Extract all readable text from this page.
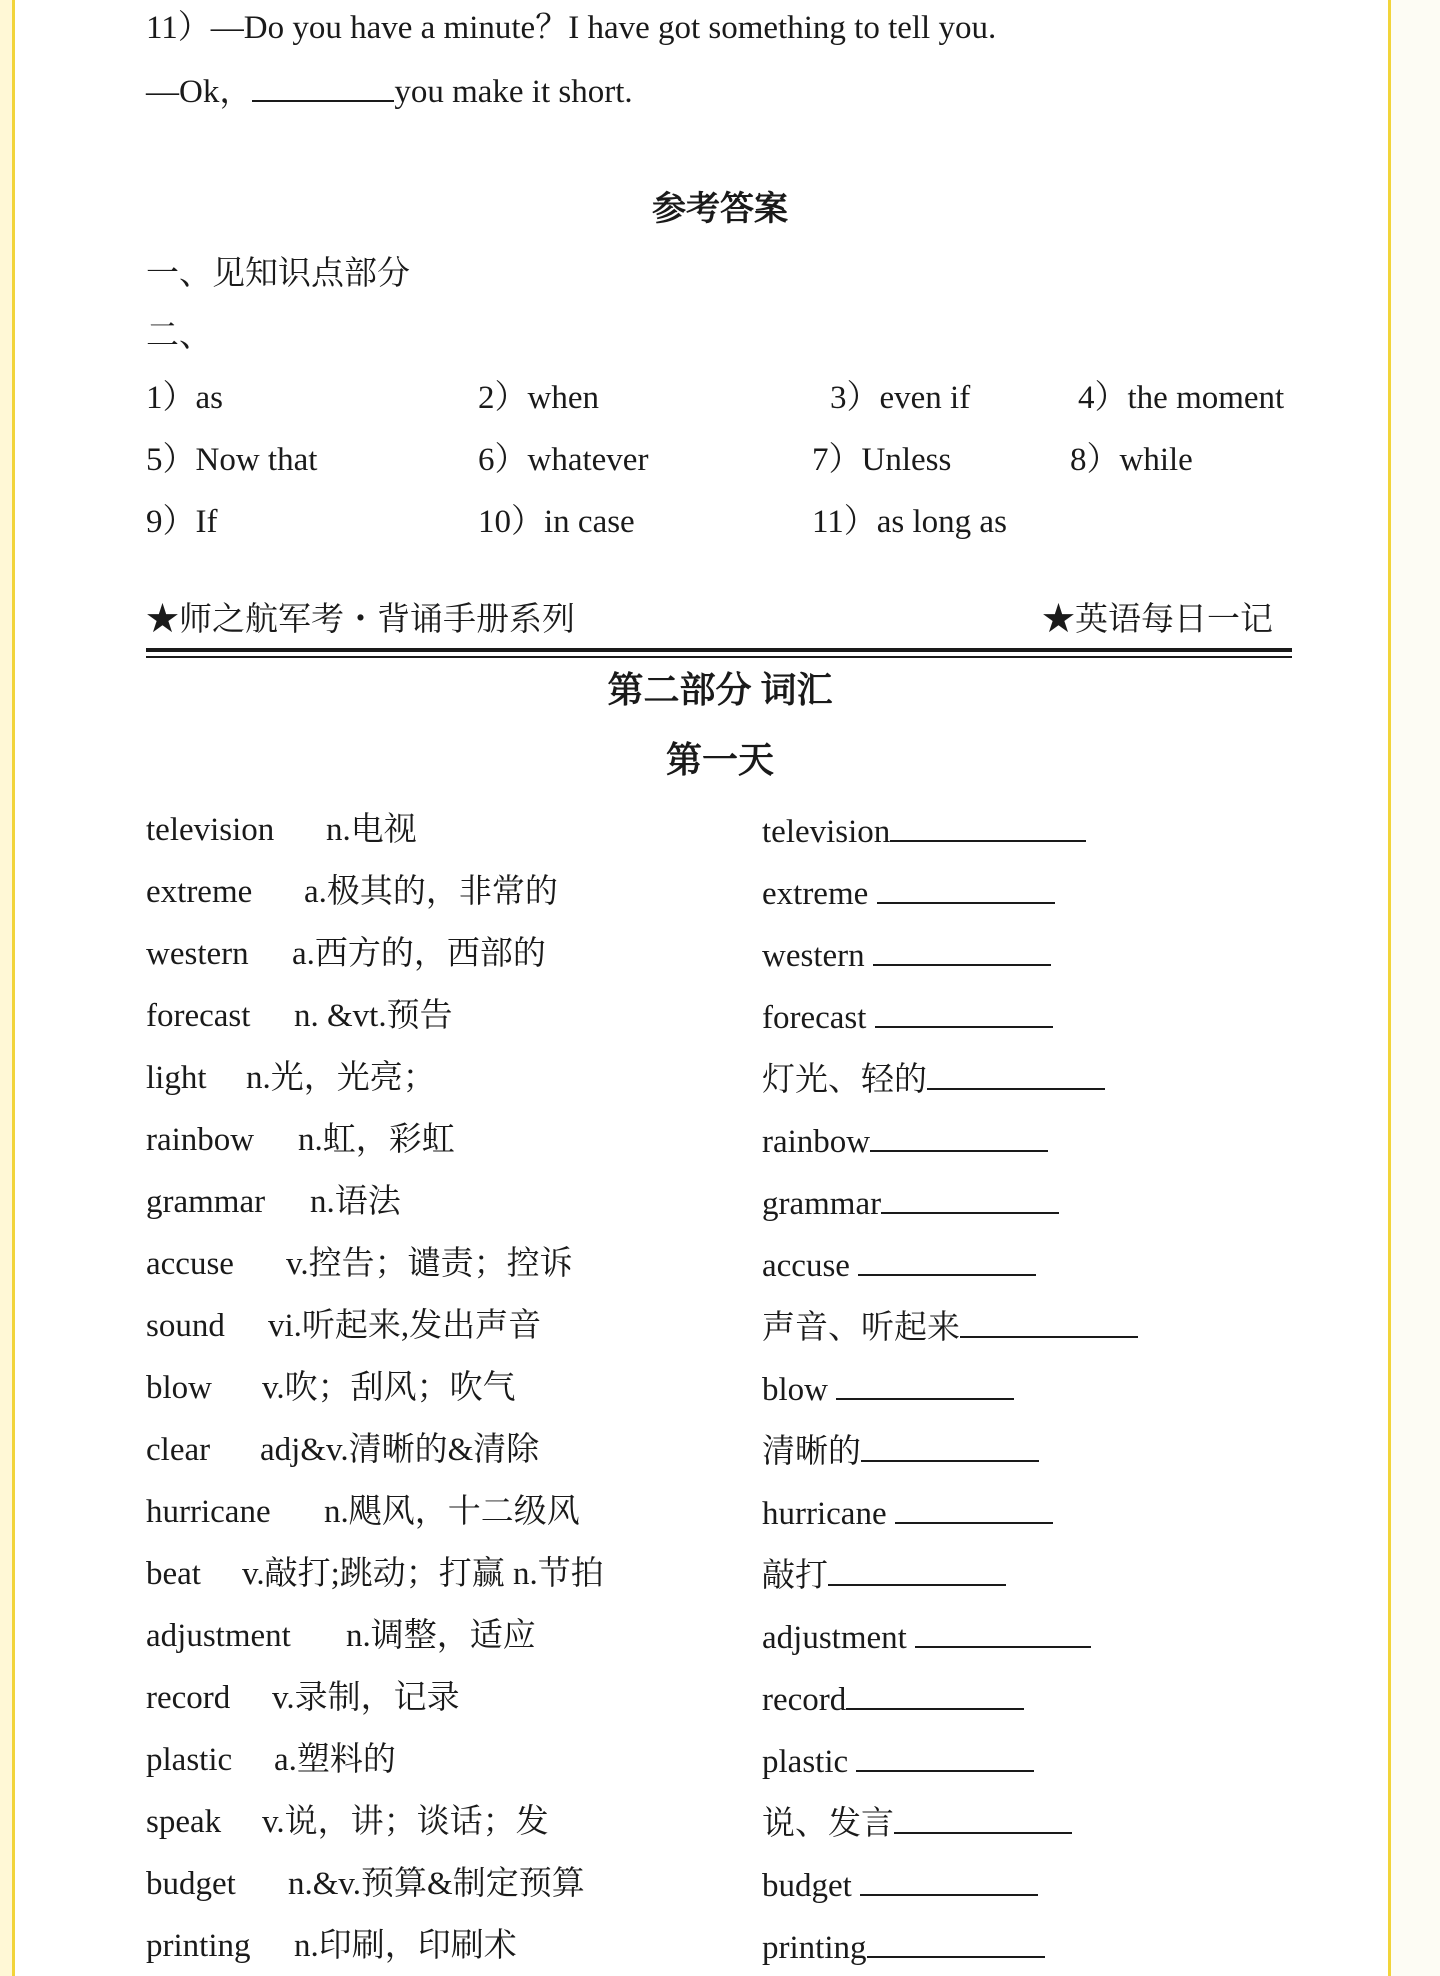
11）—Do you have a minute？I have got something to tell you.
—Ok，	you make it short.
参考答案
一、见知识点部分
二、
1）as	2）when	3）even if	4）the moment
5）Now that	6）whatever	7）Unless	8）while
9）If	10）in case	11）as long as
★师之航军考・背诵手册系列	★英语每日一记
第二部分 词汇
第一天
television n.电视	television
extreme a.极其的，非常的	extreme
western a.西方的，西部的	western
forecast n. &vt.预告	forecast
light n.光，光亮；	灯光、轻的
rainbow n.虹，彩虹	rainbow
grammar n.语法	grammar
accuse v.控告；谴责；控诉	accuse
sound vi.听起来,发出声音	声音、听起来
blow v.吹；刮风；吹气	blow
clear adj&v.清晰的&清除	清晰的
hurricane n.飓风，十二级风	hurricane
beat v.敲打;跳动；打赢 n.节拍	敲打
adjustment n.调整，适应	adjustment
record v.录制，记录	record
plastic a.塑料的	plastic
speak v.说，讲；谈话；发	说、发言
budget n.&v.预算&制定预算	budget
printing n.印刷，印刷术	printing
